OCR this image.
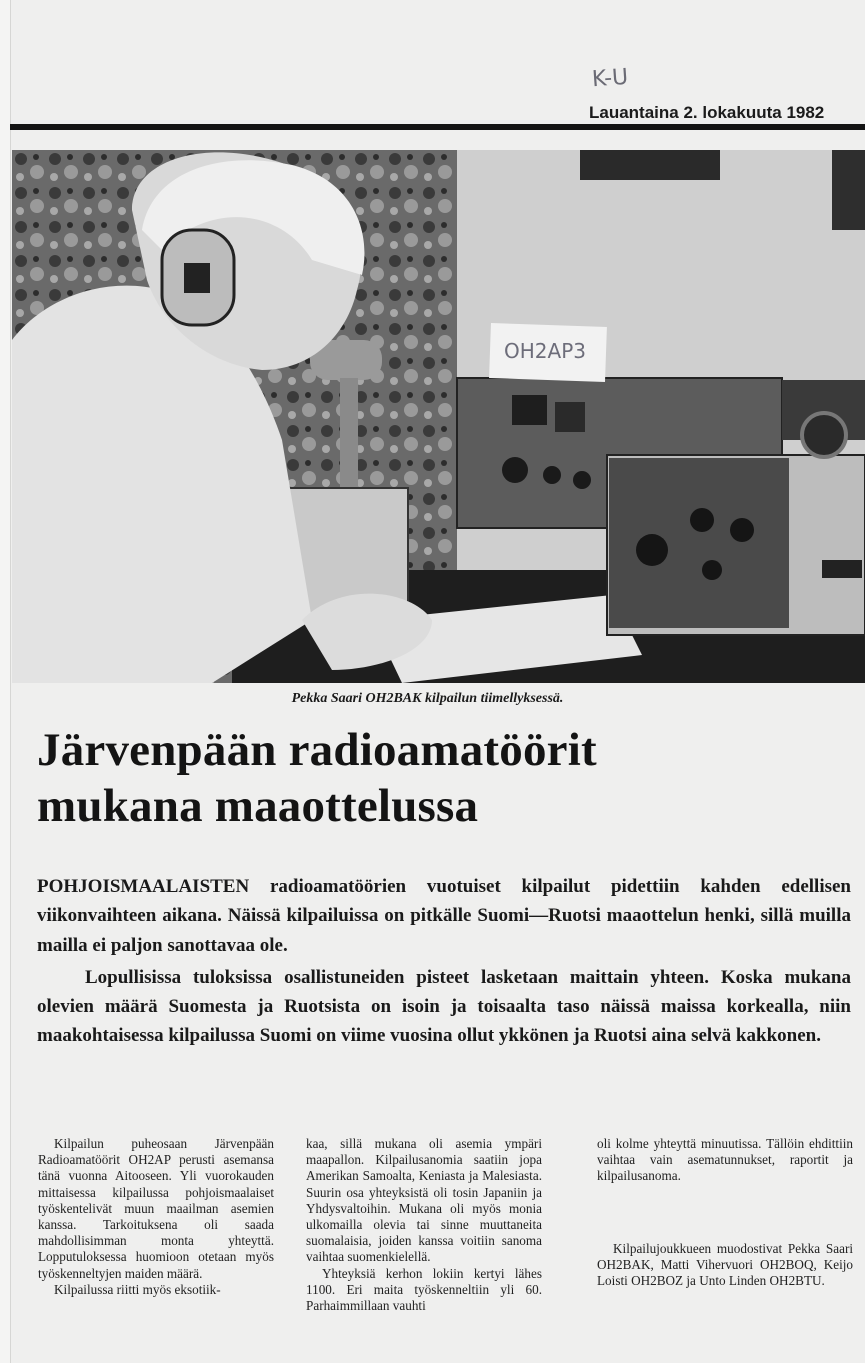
K-U
Lauantaina 2. lokakuuta 1982
OH2AP3
Pekka Saari OH2BAK kilpailun tiimellyksessä.
Järvenpään radioamatöörit
mukana maaottelussa

POHJOISMAALAISTEN radioamatöörien vuotuiset kilpailut pidettiin kahden edellisen viikonvaihteen aikana. Näissä kilpailuissa on pitkälle Suomi—Ruotsi maaottelun henki, sillä muilla mailla ei paljon sanottavaa ole.

Lopullisissa tuloksissa osallistuneiden pisteet lasketaan maittain yhteen. Koska mukana olevien määrä Suomesta ja Ruotsista on isoin ja toisaalta taso näissä maissa korkealla, niin maakohtaisessa kilpailussa Suomi on viime vuosina ollut ykkönen ja Ruotsi aina selvä kakkonen.

Kilpailun puheosaan Järvenpään Radioamatöörit OH2AP perusti asemansa tänä vuonna Aitooseen. Yli vuorokauden mittaisessa kilpailussa pohjoismaalaiset työskentelivät muun maailman asemien kanssa. Tarkoituksena oli saada mahdollisimman monta yhteyttä. Lopputuloksessa huomioon otetaan myös työskenneltyjen maiden määrä.

Kilpailussa riitti myös eksotiik-

kaa, sillä mukana oli asemia ympäri maapallon. Kilpailusanomia saatiin jopa Amerikan Samoalta, Keniasta ja Malesiasta. Suurin osa yhteyksistä oli tosin Japaniin ja Yhdysvaltoihin. Mukana oli myös monia ulkomailla olevia tai sinne muuttaneita suomalaisia, joiden kanssa voitiin sanoma vaihtaa suomenkielellä.

Yhteyksiä kerhon lokiin kertyi lähes 1100. Eri maita työskenneltiin yli 60. Parhaimmillaan vauhti

oli kolme yhteyttä minuutissa. Tällöin ehdittiin vaihtaa vain asematunnukset, raportit ja kilpailusanoma.

Kilpailujoukkueen muodostivat Pekka Saari OH2BAK, Matti Vihervuori OH2BOQ, Keijo Loisti OH2BOZ ja Unto Linden OH2BTU.
